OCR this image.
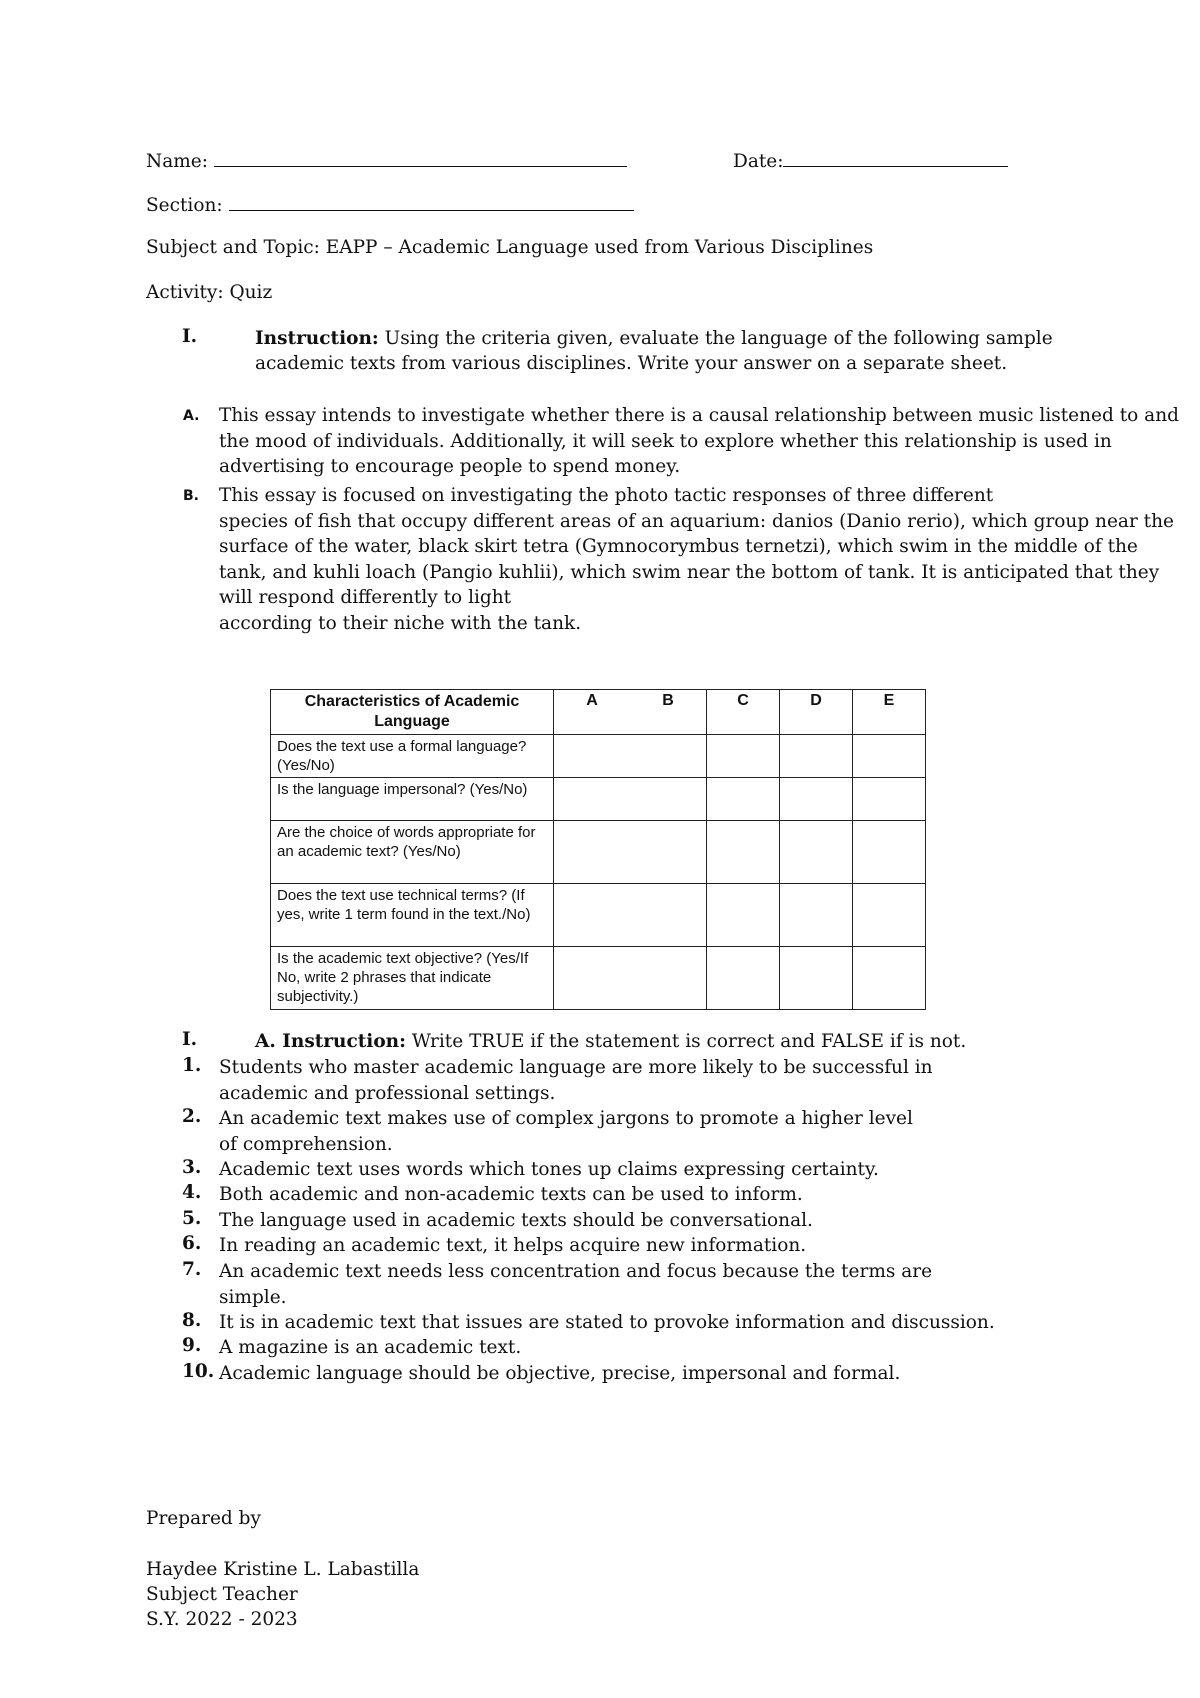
Name:	Date:
Section:
Subject and Topic: EAPP – Academic Language used from Various Disciplines
Activity: Quiz
I.	Instruction: Using the criteria given, evaluate the language of the following sample academic texts from various disciplines. Write your answer on a separate sheet.
A. This essay intends to investigate whether there is a causal relationship between music listened to and
the mood of individuals. Additionally, it will seek to explore whether this relationship is used in
advertising to encourage people to spend money.
B. This essay is focused on investigating the photo tactic responses of three different
species of fish that occupy different areas of an aquarium: danios (Danio rerio), which group near the
surface of the water, black skirt tetra (Gymnocorymbus ternetzi), which swim in the middle of the
tank, and kuhli loach (Pangio kuhlii), which swim near the bottom of tank. It is anticipated that they
will respond differently to light
according to their niche with the tank.
Characteristics of Academic Language	A	B	C	D	E
Does the text use a formal language? (Yes/No)					
Is the language impersonal? (Yes/No)					
Are the choice of words appropriate for an academic text? (Yes/No)					
Does the text use technical terms? (If yes, write 1 term found in the text./No)					
Is the academic text objective? (Yes/If No, write 2 phrases that indicate subjectivity.)					
I.	A. Instruction: Write TRUE if the statement is correct and FALSE if is not.
1. Students who master academic language are more likely to be successful in
academic and professional settings.
2. An academic text makes use of complex jargons to promote a higher level
of comprehension.
3. Academic text uses words which tones up claims expressing certainty.
4. Both academic and non-academic texts can be used to inform.
5. The language used in academic texts should be conversational.
6. In reading an academic text, it helps acquire new information.
7. An academic text needs less concentration and focus because the terms are
simple.
8. It is in academic text that issues are stated to provoke information and discussion.
9. A magazine is an academic text.
10. Academic language should be objective, precise, impersonal and formal.
Prepared by
Haydee Kristine L. Labastilla
Subject Teacher
S.Y. 2022 - 2023
